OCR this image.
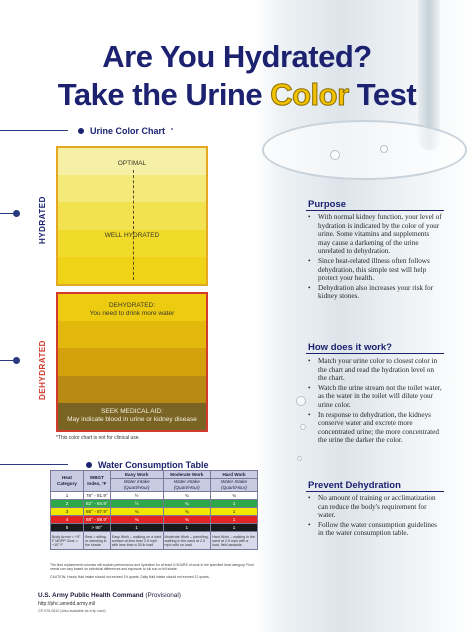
Are You Hydrated?
Take the Urine Color Test
Urine Color Chart *
HYDRATED
DEHYDRATED
OPTIMAL
WELL HYDRATED
DEHYDRATED:
You need to drink more water
SEEK MEDICAL AID:
May indicate blood in urine or kidney disease
*This color chart is not for clinical use.
Water Consumption Table
Heat Category	WBGT Index, °F	Easy Work	Moderate Work	Hard Work
		Water Intake (Quart/Hour)	Water Intake (Quart/Hour)	Water Intake (Quart/Hour)
1	78° - 81.9°	½	¾	¾
2	82° - 84.9°	½	¾	1
3	85° - 87.9°	¾	¾	1
4	88° - 89.9°	¾	¾	1
5	> 90°	1	1	1
Body Armor = +5° F MOPP Gear = +10° F	Rest = sitting or standing in the shade	Easy Work – walking on a hard surface at less than 2.5 mph with less than a 30 lb load	Moderate Work – patrolling, walking in the sand at 2.5 mph with no load	Hard Work – walking in the sand at 2.5 mph with a load, field assaults
The fluid replacement volumes will sustain performance and hydration for at least 4 HOURS of work in the specified heat category. Fluid needs can vary based on individual differences and exposure to full sun or full shade.
CAUTION: Hourly fluid intake should not exceed 1½ quarts. Daily fluid intake should not exceed 12 quarts.
Purpose
• With normal kidney function, your level of hydration is indicated by the color of your urine. Some vitamins and supplements may cause a darkening of the urine unrelated to dehydration.
• Since heat-related illness often follows dehydration, this simple test will help protect your health.
• Dehydration also increases your risk for kidney stones.
How does it work?
• Match your urine color to closest color in the chart and read the hydration level on the chart.
• Watch the urine stream not the toilet water, as the water in the toilet will dilute your urine color.
• In response to dehydration, the kidneys conserve water and excrete more concentrated urine; the more concentrated the urine the darker the color.
Prevent Dehydration
• No amount of training or acclimatization can reduce the body's requirement for water.
• Follow the water consumption guidelines in the water consumption table.
U.S. Army Public Health Command (Provisional)
http://phc.amedd.army.mil
CP-075-0610 (Also available as a tip card)
